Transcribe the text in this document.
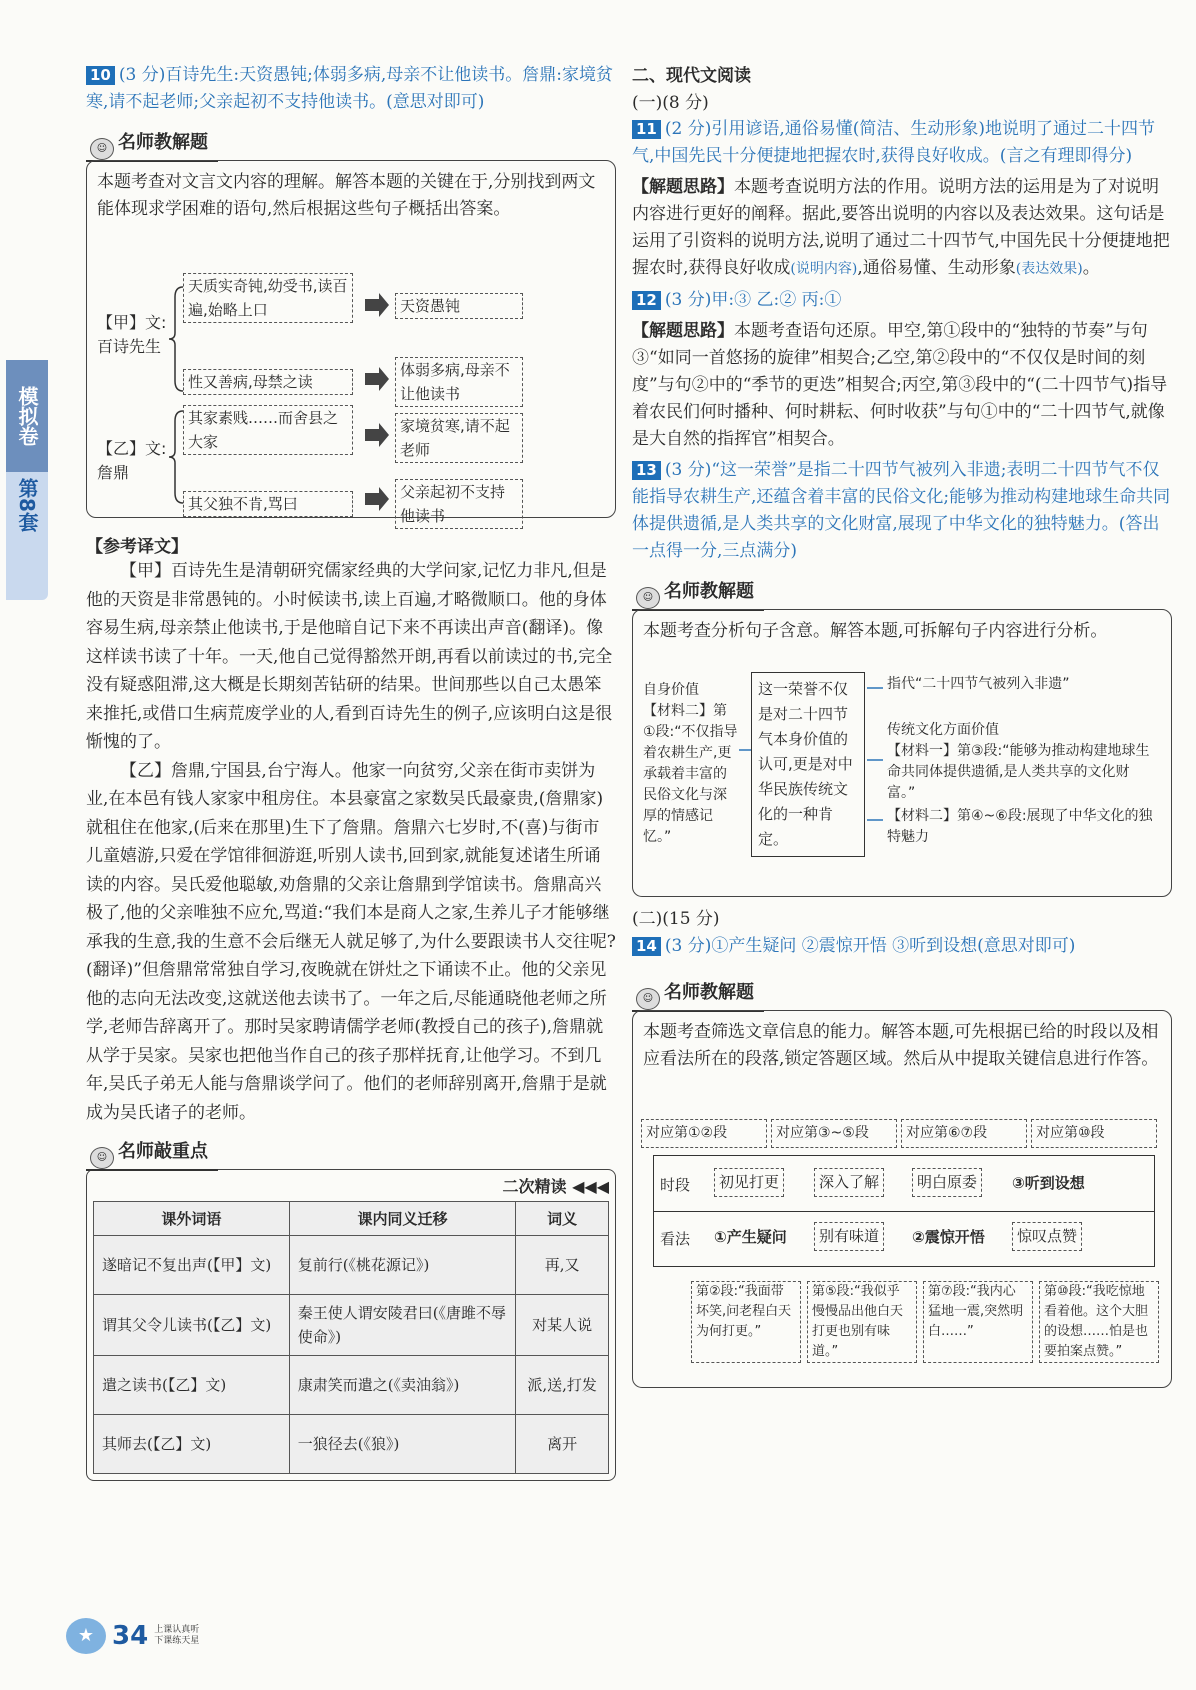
模拟卷
第8套
10 (3 分)百诗先生:天资愚钝;体弱多病,母亲不让他读书。詹鼎:家境贫寒,请不起老师;父亲起初不支持他读书。(意思对即可)
☺ 名师教解题
本题考查对文言文内容的理解。解答本题的关键在于,分别找到两文能体现求学困难的语句,然后根据这些句子概括出答案。
【甲】文:
百诗先生
天质实奇钝,幼受书,读百遍,始略上口	天资愚钝
性又善病,母禁之读
体弱多病,母亲不让他读书
【乙】文:
詹鼎
其家素贱……而舍县之大家
家境贫寒,请不起老师
其父独不肯,骂曰
父亲起初不支持他读书
【参考译文】

【甲】百诗先生是清朝研究儒家经典的大学问家,记忆力非凡,但是他的天资是非常愚钝的。小时候读书,读上百遍,才略微顺口。他的身体容易生病,母亲禁止他读书,于是他暗自记下来不再读出声音(翻译)。像这样读书读了十年。一天,他自己觉得豁然开朗,再看以前读过的书,完全没有疑惑阻滞,这大概是长期刻苦钻研的结果。世间那些以自己太愚笨来推托,或借口生病荒废学业的人,看到百诗先生的例子,应该明白这是很惭愧的了。

【乙】詹鼎,宁国县,台宁海人。他家一向贫穷,父亲在街市卖饼为业,在本邑有钱人家家中租房住。本县豪富之家数吴氏最豪贵,(詹鼎家)就租住在他家,(后来在那里)生下了詹鼎。詹鼎六七岁时,不(喜)与街市儿童嬉游,只爱在学馆徘徊游逛,听别人读书,回到家,就能复述诸生所诵读的内容。吴氏爱他聪敏,劝詹鼎的父亲让詹鼎到学馆读书。詹鼎高兴极了,他的父亲唯独不应允,骂道:“我们本是商人之家,生养儿子才能够继承我的生意,我的生意不会后继无人就足够了,为什么要跟读书人交往呢?(翻译)”但詹鼎常常独自学习,夜晚就在饼灶之下诵读不止。他的父亲见他的志向无法改变,这就送他去读书了。一年之后,尽能通晓他老师之所学,老师告辞离开了。那时吴家聘请儒学老师(教授自己的孩子),詹鼎就从学于吴家。吴家也把他当作自己的孩子那样抚育,让他学习。不到几年,吴氏子弟无人能与詹鼎谈学问了。他们的老师辞别离开,詹鼎于是就成为吴氏诸子的老师。

☺ 名师敲重点
二次精读 ◀◀◀
课外词语	课内同义迁移	词义
遂暗记不复出声(【甲】文)	复前行(《桃花源记》)	再,又
谓其父令儿读书(【乙】文)	秦王使人谓安陵君曰(《唐雎不辱使命》)	对某人说
遣之读书(【乙】文)	康肃笑而遣之(《卖油翁》)	派,送,打发
其师去(【乙】文)	一狼径去(《狼》)	离开
二、现代文阅读
(一)(8 分)
11 (2 分)引用谚语,通俗易懂(简洁、生动形象)地说明了通过二十四节气,中国先民十分便捷地把握农时,获得良好收成。(言之有理即得分)
【解题思路】本题考查说明方法的作用。说明方法的运用是为了对说明内容进行更好的阐释。据此,要答出说明的内容以及表达效果。这句话是运用了引资料的说明方法,说明了通过二十四节气,中国先民十分便捷地把握农时,获得良好收成(说明内容),通俗易懂、生动形象(表达效果)。
12 (3 分)甲:③ 乙:② 丙:①
【解题思路】本题考查语句还原。甲空,第①段中的“独特的节奏”与句③“如同一首悠扬的旋律”相契合;乙空,第②段中的“不仅仅是时间的刻度”与句②中的“季节的更迭”相契合;丙空,第③段中的“(二十四节气)指导着农民们何时播种、何时耕耘、何时收获”与句①中的“二十四节气,就像是大自然的指挥官”相契合。
13 (3 分)“这一荣誉”是指二十四节气被列入非遗;表明二十四节气不仅能指导农耕生产,还蕴含着丰富的民俗文化;能够为推动构建地球生命共同体提供遗循,是人类共享的文化财富,展现了中华文化的独特魅力。(答出一点得一分,三点满分)
☺ 名师教解题
本题考查分析句子含意。解答本题,可拆解句子内容进行分析。
自身价值
【材料二】第①段:“不仅指导着农耕生产,更承载着丰富的民俗文化与深厚的情感记忆。”
这一荣誉不仅是对二十四节气本身价值的认可,更是对中华民族传统文化的一种肯定。
指代“二十四节气被列入非遗”
传统文化方面价值
【材料一】第③段:“能够为推动构建地球生命共同体提供遗循,是人类共享的文化财富。”
【材料二】第④~⑥段:展现了中华文化的独特魅力
(二)(15 分)
14 (3 分)①产生疑问 ②震惊开悟 ③听到设想(意思对即可)
☺ 名师教解题
本题考查筛选文章信息的能力。解答本题,可先根据已给的时段以及相应看法所在的段落,锁定答题区域。然后从中提取关键信息进行作答。
对应第①②段	对应第③~⑤段	对应第⑥⑦段	对应第⑩段
时段
看法
初见打更	深入了解	明白原委	③听到设想
①产生疑问	别有味道	②震惊开悟	惊叹点赞
第②段:“我面带坏笑,问老程白天为何打更。”
第⑤段:“我似乎慢慢品出他白天打更也别有味道。”
第⑦段:“我内心猛地一震,突然明白……”
第⑩段:“我吃惊地看着他。这个大胆的设想……怕是也要拍案点赞。”
★ 34 上课认真听
下课练天星
